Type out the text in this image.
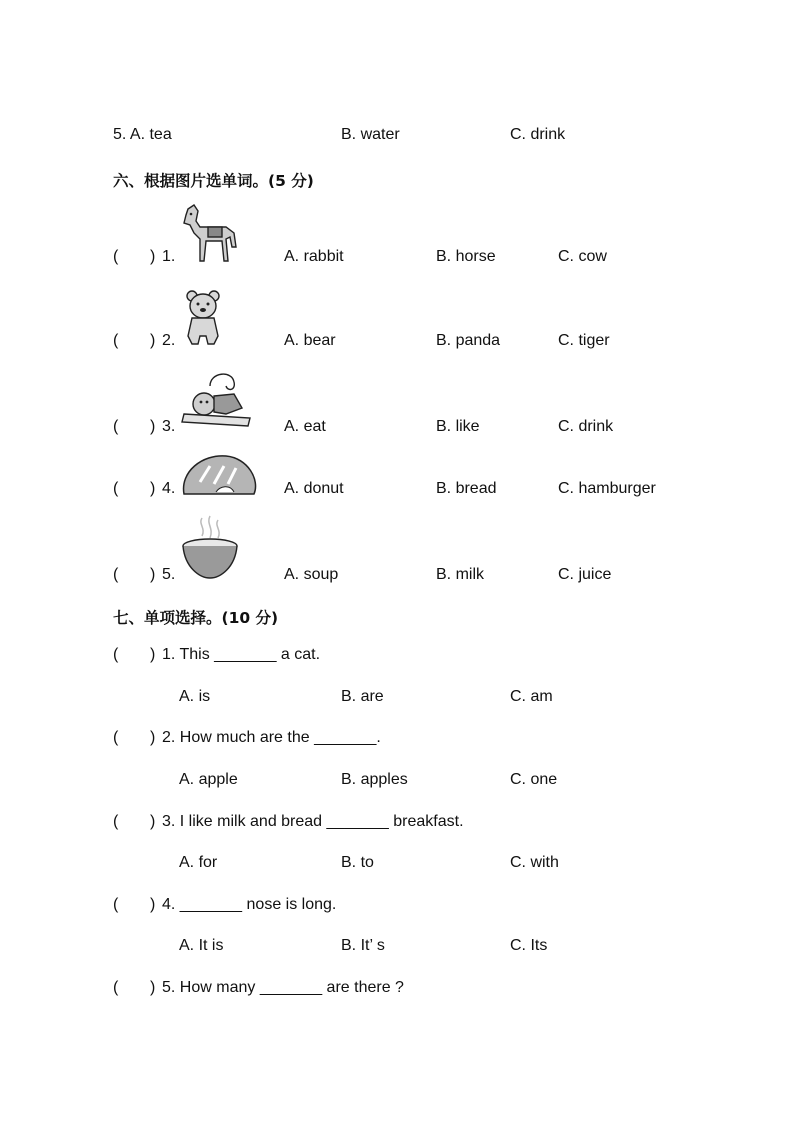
5. A. tea	B. water	C. drink
六、根据图片选单词。(5 分)
( ) 1.	A. rabbit	B. horse	C. cow
( ) 2.	A. bear	B. panda	C. tiger
( ) 3.	A. eat	B. like	C. drink
( ) 4.	A. donut	B. bread	C. hamburger
( ) 5.	A. soup	B. milk	C. juice
七、单项选择。(10 分)
( ) 1. This _______ a cat.
A. is	B. are	C. am
( ) 2. How much are the _______.
A. apple	B. apples	C. one
( ) 3. I like milk and bread _______ breakfast.
A. for	B. to	C. with
( ) 4. _______ nose is long.
A. It is	B. It’ s	C. Its
( ) 5. How many _______ are there ?
